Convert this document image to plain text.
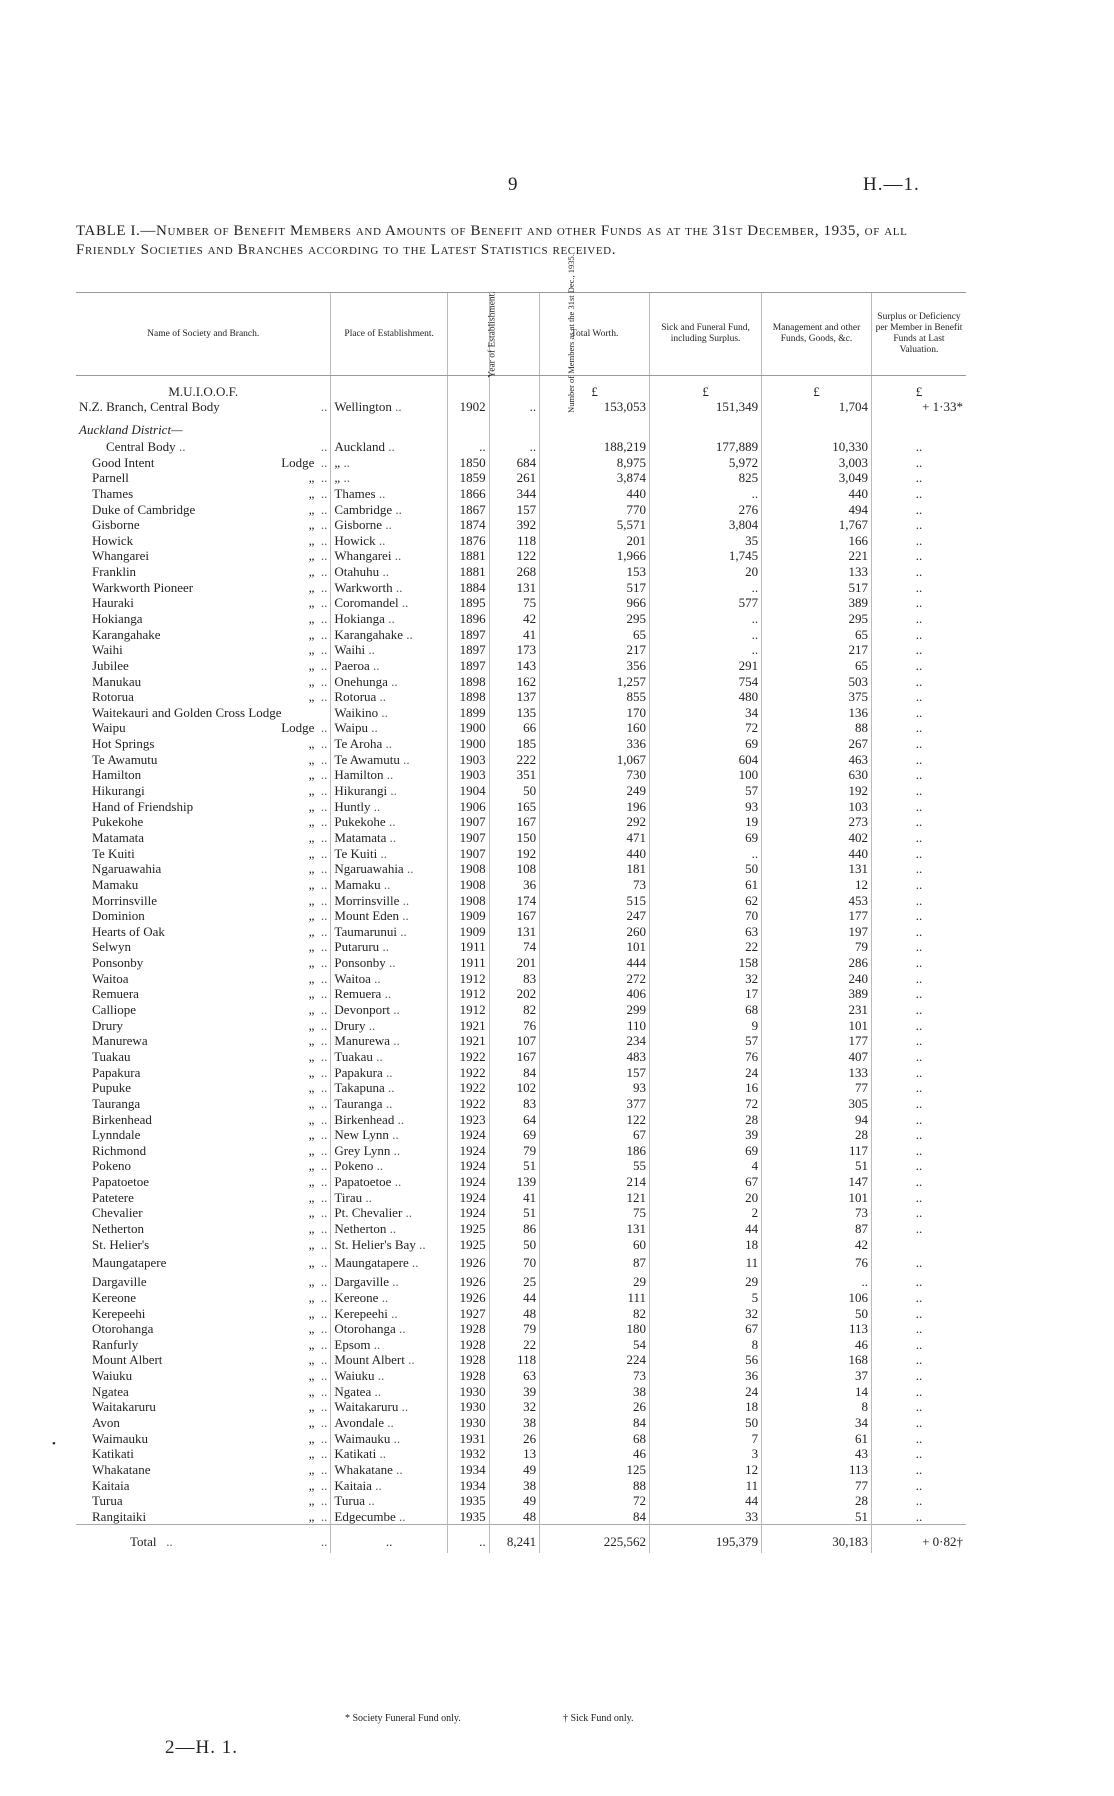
9	H.—1.
TABLE I.—Number of Benefit Members and Amounts of Benefit and other Funds as at the 31st December, 1935, of all Friendly Societies and Branches according to the Latest Statistics received.
Name of Society and Branch.	Place of Establishment.	Year of Establishment.	Number of Members as at the 31st Dec., 1935.	Total Worth.	Sick and Funeral Fund, including Surplus.	Management and other Funds, Goods, &c.	Surplus or Deficiency per Member in Benefit Funds at Last Valuation.

M.U.I.O.O.F.				£	£	£	£
N.Z. Branch, Central Body ..	Wellington ..	1902	..	153,053	151,349	1,704	+ 1·33*
Auckland District—							
Central Body .. ..	Auckland ..	..	..	188,219	177,889	10,330	..
Good Intent Lodge ..	„ ..	1850	684	8,975	5,972	3,003	..
Parnell „ ..	„ ..	1859	261	3,874	825	3,049	..
Thames „ ..	Thames ..	1866	344	440	..	440	..
Duke of Cambridge „ ..	Cambridge ..	1867	157	770	276	494	..
Gisborne „ ..	Gisborne ..	1874	392	5,571	3,804	1,767	..
Howick „ ..	Howick ..	1876	118	201	35	166	..
Whangarei „ ..	Whangarei ..	1881	122	1,966	1,745	221	..
Franklin „ ..	Otahuhu ..	1881	268	153	20	133	..
Warkworth Pioneer „ ..	Warkworth ..	1884	131	517	..	517	..
Hauraki „ ..	Coromandel ..	1895	75	966	577	389	..
Hokianga „ ..	Hokianga ..	1896	42	295	..	295	..
Karangahake „ ..	Karangahake ..	1897	41	65	..	65	..
Waihi „ ..	Waihi ..	1897	173	217	..	217	..
Jubilee „ ..	Paeroa ..	1897	143	356	291	65	..
Manukau „ ..	Onehunga ..	1898	162	1,257	754	503	..
Rotorua „ ..	Rotorua ..	1898	137	855	480	375	..
Waitekauri and Golden Cross Lodge	Waikino ..	1899	135	170	34	136	..
Waipu Lodge ..	Waipu ..	1900	66	160	72	88	..
Hot Springs „ ..	Te Aroha ..	1900	185	336	69	267	..
Te Awamutu „ ..	Te Awamutu ..	1903	222	1,067	604	463	..
Hamilton „ ..	Hamilton ..	1903	351	730	100	630	..
Hikurangi „ ..	Hikurangi ..	1904	50	249	57	192	..
Hand of Friendship „ ..	Huntly ..	1906	165	196	93	103	..
Pukekohe „ ..	Pukekohe ..	1907	167	292	19	273	..
Matamata „ ..	Matamata ..	1907	150	471	69	402	..
Te Kuiti „ ..	Te Kuiti ..	1907	192	440	..	440	..
Ngaruawahia „ ..	Ngaruawahia ..	1908	108	181	50	131	..
Mamaku „ ..	Mamaku ..	1908	36	73	61	12	..
Morrinsville „ ..	Morrinsville ..	1908	174	515	62	453	..
Dominion „ ..	Mount Eden ..	1909	167	247	70	177	..
Hearts of Oak „ ..	Taumarunui ..	1909	131	260	63	197	..
Selwyn „ ..	Putaruru ..	1911	74	101	22	79	..
Ponsonby „ ..	Ponsonby ..	1911	201	444	158	286	..
Waitoa „ ..	Waitoa ..	1912	83	272	32	240	..
Remuera „ ..	Remuera ..	1912	202	406	17	389	..
Calliope „ ..	Devonport ..	1912	82	299	68	231	..
Drury „ ..	Drury ..	1921	76	110	9	101	..
Manurewa „ ..	Manurewa ..	1921	107	234	57	177	..
Tuakau „ ..	Tuakau ..	1922	167	483	76	407	..
Papakura „ ..	Papakura ..	1922	84	157	24	133	..
Pupuke „ ..	Takapuna ..	1922	102	93	16	77	..
Tauranga „ ..	Tauranga ..	1922	83	377	72	305	..
Birkenhead „ ..	Birkenhead ..	1923	64	122	28	94	..
Lynndale „ ..	New Lynn ..	1924	69	67	39	28	..
Richmond „ ..	Grey Lynn ..	1924	79	186	69	117	..
Pokeno „ ..	Pokeno ..	1924	51	55	4	51	..
Papatoetoe „ ..	Papatoetoe ..	1924	139	214	67	147	..
Patetere „ ..	Tirau ..	1924	41	121	20	101	..
Chevalier „ ..	Pt. Chevalier ..	1924	51	75	2	73	..
Netherton „ ..	Netherton ..	1925	86	131	44	87	..
St. Helier's „ ..	St. Helier's Bay ..	1925	50	60	18	42	
Maungatapere „ ..	Maungatapere ..	1926	70	87	11	76	..
Dargaville „ ..	Dargaville ..	1926	25	29	29	..	..
Kereone „ ..	Kereone ..	1926	44	111	5	106	..
Kerepeehi „ ..	Kerepeehi ..	1927	48	82	32	50	..
Otorohanga „ ..	Otorohanga ..	1928	79	180	67	113	..
Ranfurly „ ..	Epsom ..	1928	22	54	8	46	..
Mount Albert „ ..	Mount Albert ..	1928	118	224	56	168	..
Waiuku „ ..	Waiuku ..	1928	63	73	36	37	..
Ngatea „ ..	Ngatea ..	1930	39	38	24	14	..
Waitakaruru „ ..	Waitakaruru ..	1930	32	26	18	8	..
Avon „ ..	Avondale ..	1930	38	84	50	34	..
Waimauku „ ..	Waimauku ..	1931	26	68	7	61	..
Katikati „ ..	Katikati ..	1932	13	46	3	43	..
Whakatane „ ..	Whakatane ..	1934	49	125	12	113	..
Kaitaia „ ..	Kaitaia ..	1934	38	88	11	77	..
Turua „ ..	Turua ..	1935	49	72	44	28	..
Rangitaiki „ ..	Edgecumbe ..	1935	48	84	33	51	..
Total .. ..	..	..	8,241	225,562	195,379	30,183	+ 0·82†
* Society Funeral Fund only.	† Sick Fund only.
2—H. 1.
•
